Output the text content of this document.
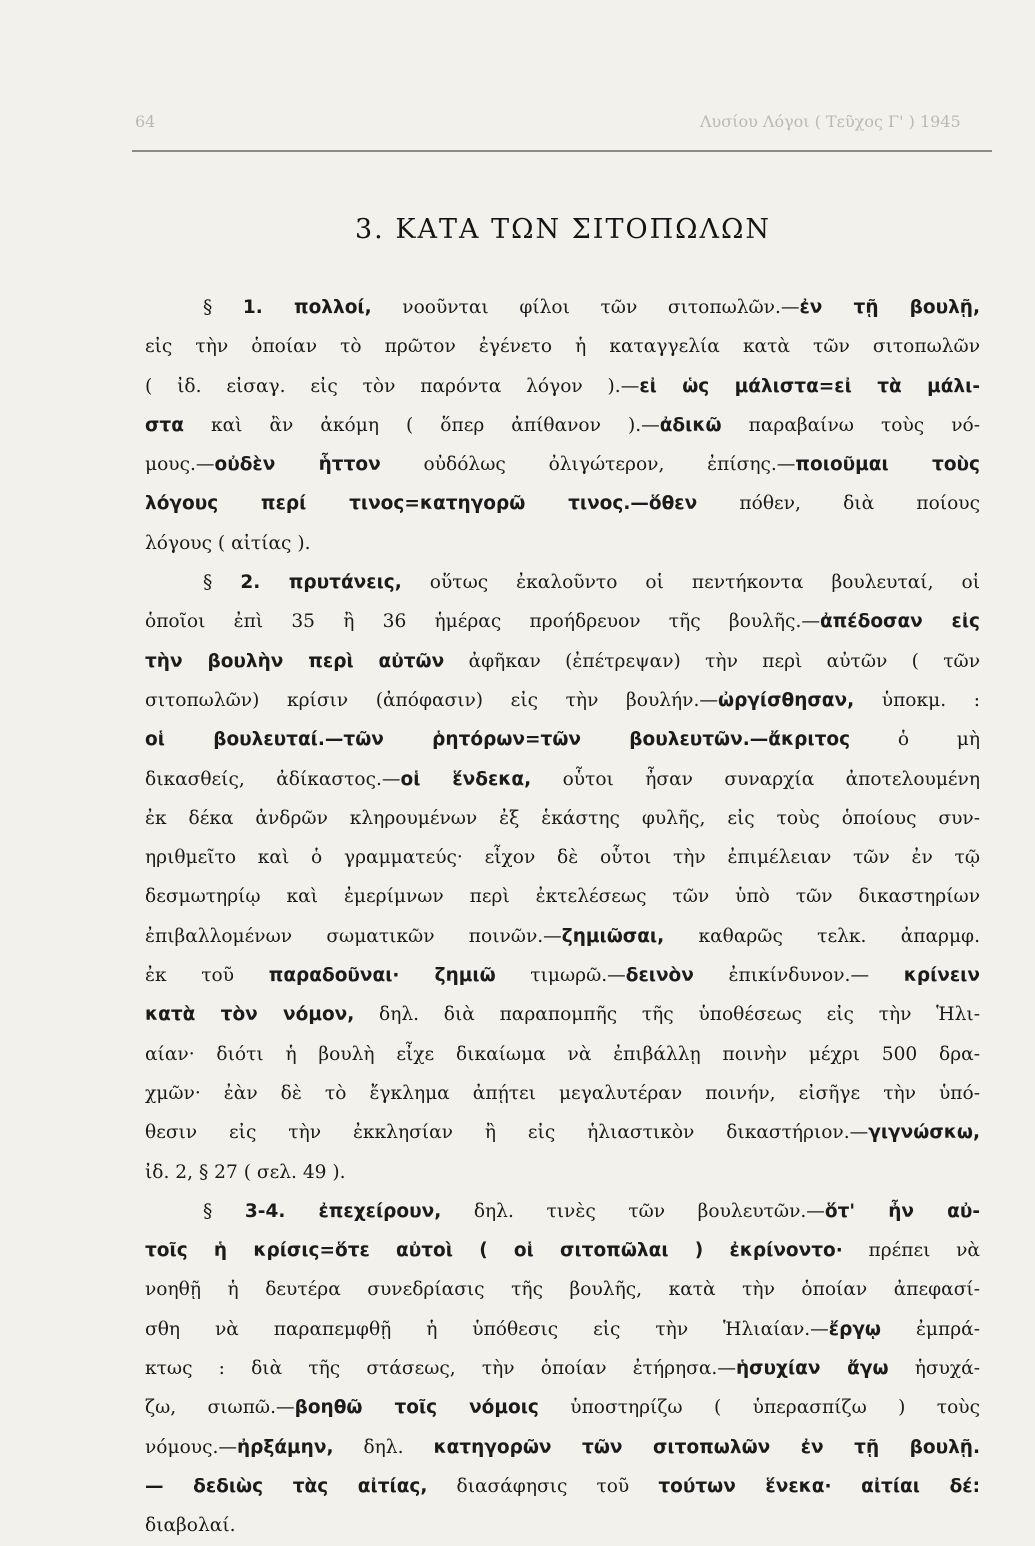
64	Λυσίου Λόγοι ( Τεῦχος Γ' ) 1945
3. ΚΑΤΑ ΤΩΝ ΣΙΤΟΠΩΛΩΝ
§ 1. πολλοί, νοοῦνται φίλοι τῶν σιτοπωλῶν.—ἐν τῇ βουλῇ,
εἰς τὴν ὁποίαν τὸ πρῶτον ἐγένετο ἡ καταγγελία κατὰ τῶν σιτοπωλῶν
( ἰδ. εἰσαγ. εἰς τὸν παρόντα λόγον ).—εἰ ὡς μάλιστα=εἰ τὰ μάλι-
στα καὶ ἂν ἀκόμη ( ὅπερ ἀπίθανον ).—ἀδικῶ παραβαίνω τοὺς νό-
μους.—οὐδὲν ἧττον οὐδόλως ὀλιγώτερον, ἐπίσης.—ποιοῦμαι τοὺς
λόγους περί τινος=κατηγορῶ τινος.—ὅθεν πόθεν, διὰ ποίους
λόγους ( αἰτίας ).
§ 2. πρυτάνεις, οὕτως ἐκαλοῦντο οἱ πεντήκοντα βουλευταί, οἱ
ὁποῖοι ἐπὶ 35 ἢ 36 ἡμέρας προήδρευον τῆς βουλῆς.—ἀπέδοσαν εἰς
τὴν βουλὴν περὶ αὐτῶν ἀφῆκαν (ἐπέτρεψαν) τὴν περὶ αὐτῶν ( τῶν
σιτοπωλῶν) κρίσιν (ἀπόφασιν) εἰς τὴν βουλήν.—ὠργίσθησαν, ὑποκμ. :
οἱ βουλευταί.—τῶν ῥητόρων=τῶν βουλευτῶν.—ἄκριτος ὁ μὴ
δικασθείς, ἀδίκαστος.—οἱ ἕνδεκα, οὗτοι ἦσαν συναρχία ἀποτελουμένη
ἐκ δέκα ἀνδρῶν κληρουμένων ἐξ ἑκάστης φυλῆς, εἰς τοὺς ὁποίους συν-
ηριθμεῖτο καὶ ὁ γραμματεύς· εἶχον δὲ οὗτοι τὴν ἐπιμέλειαν τῶν ἐν τῷ
δεσμωτηρίῳ καὶ ἐμερίμνων περὶ ἐκτελέσεως τῶν ὑπὸ τῶν δικαστηρίων
ἐπιβαλλομένων σωματικῶν ποινῶν.—ζημιῶσαι, καθαρῶς τελκ. ἀπαρμφ.
ἐκ τοῦ παραδοῦναι· ζημιῶ τιμωρῶ.—δεινὸν ἐπικίνδυνον.— κρίνειν
κατὰ τὸν νόμον, δηλ. διὰ παραπομπῆς τῆς ὑποθέσεως εἰς τὴν Ἡλι-
αίαν· διότι ἡ βουλὴ εἶχε δικαίωμα νὰ ἐπιβάλλῃ ποινὴν μέχρι 500 δρα-
χμῶν· ἐὰν δὲ τὸ ἔγκλημα ἀπῄτει μεγαλυτέραν ποινήν, εἰσῆγε τὴν ὑπό-
θεσιν εἰς τὴν ἐκκλησίαν ἢ εἰς ἡλιαστικὸν δικαστήριον.—γιγνώσκω,
ἰδ. 2, § 27 ( σελ. 49 ).
§ 3-4. ἐπεχείρουν, δηλ. τινὲς τῶν βουλευτῶν.—ὅτ' ἦν αὐ-
τοῖς ἡ κρίσις=ὅτε αὐτοὶ ( οἱ σιτοπῶλαι ) ἐκρίνοντο· πρέπει νὰ
νοηθῇ ἡ δευτέρα συνεδρίασις τῆς βουλῆς, κατὰ τὴν ὁποίαν ἀπεφασί-
σθη νὰ παραπεμφθῇ ἡ ὑπόθεσις εἰς τὴν Ἡλιαίαν.—ἔργῳ ἐμπρά-
κτως : διὰ τῆς στάσεως, τὴν ὁποίαν ἐτήρησα.—ἡσυχίαν ἄγω ἡσυχά-
ζω, σιωπῶ.—βοηθῶ τοῖς νόμοις ὑποστηρίζω ( ὑπερασπίζω ) τοὺς
νόμους.—ἠρξάμην, δηλ. κατηγορῶν τῶν σιτοπωλῶν ἐν τῇ βουλῇ.
— δεδιὼς τὰς αἰτίας, διασάφησις τοῦ τούτων ἕνεκα· αἰτίαι δέ:
διαβολαί.
